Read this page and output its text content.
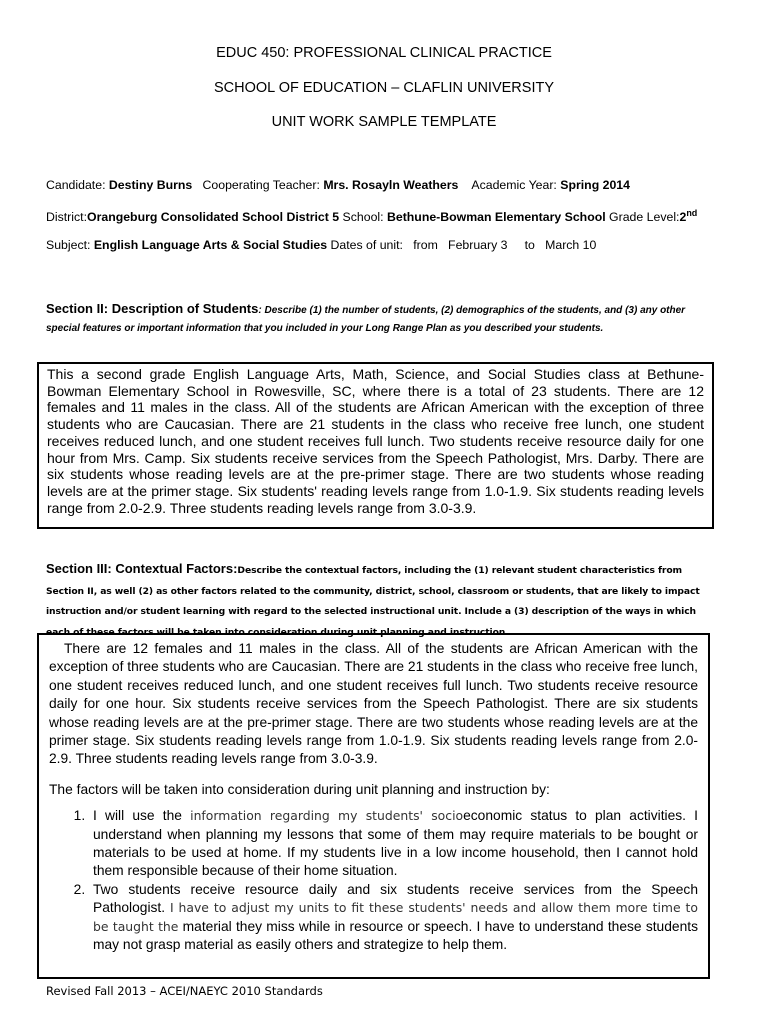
EDUC 450: PROFESSIONAL CLINICAL PRACTICE
SCHOOL OF EDUCATION – CLAFLIN UNIVERSITY
UNIT WORK SAMPLE TEMPLATE
Candidate: Destiny Burns   Cooperating Teacher: Mrs. Rosayln Weathers    Academic Year: Spring 2014
District:Orangeburg Consolidated School District 5 School: Bethune-Bowman Elementary School Grade Level:2nd
Subject: English Language Arts & Social Studies Dates of unit:   from   February 3     to   March 10
Section II: Description of Students: Describe (1) the number of students, (2) demographics of the students, and (3) any other special features or important information that you included in your Long Range Plan as you described your students.

This a second grade English Language Arts, Math, Science, and Social Studies class at Bethune-Bowman Elementary School in Rowesville, SC, where there is a total of 23 students. There are 12 females and 11 males in the class. All of the students are African American with the exception of three students who are Caucasian. There are 21 students in the class who receive free lunch, one student receives reduced lunch, and one student receives full lunch. Two students receive resource daily for one hour from Mrs. Camp. Six students receive services from the Speech Pathologist, Mrs. Darby. There are six students whose reading levels are at the pre-primer stage. There are two students whose reading levels are at the primer stage. Six students' reading levels range from 1.0-1.9. Six students reading levels range from 2.0-2.9. Three students reading levels range from 3.0-3.9.

Section III: Contextual Factors:Describe the contextual factors, including the (1) relevant student characteristics from Section II, as well (2) as other factors related to the community, district, school, classroom or students, that are likely to impact instruction and/or student learning with regard to the selected instructional unit. Include a (3) description of the ways in which each of these factors will be taken into consideration during unit planning and instruction.

There are 12 females and 11 males in the class. All of the students are African American with the exception of three students who are Caucasian. There are 21 students in the class who receive free lunch, one student receives reduced lunch, and one student receives full lunch. Two students receive resource daily for one hour. Six students receive services from the Speech Pathologist. There are six students whose reading levels are at the pre-primer stage. There are two students whose reading levels are at the primer stage. Six students reading levels range from 1.0-1.9. Six students reading levels range from 2.0-2.9. Three students reading levels range from 3.0-3.9.

The factors will be taken into consideration during unit planning and instruction by:

1. I will use the information regarding my students' socioeconomic status to plan activities. I understand when planning my lessons that some of them may require materials to be bought or materials to be used at home. If my students live in a low income household, then I cannot hold them responsible because of their home situation.
2. Two students receive resource daily and six students receive services from the Speech Pathologist. I have to adjust my units to fit these students' needs and allow them more time to be taught the material they miss while in resource or speech. I have to understand these students may not grasp material as easily others and strategize to help them.
Revised Fall 2013 – ACEI/NAEYC 2010 Standards
